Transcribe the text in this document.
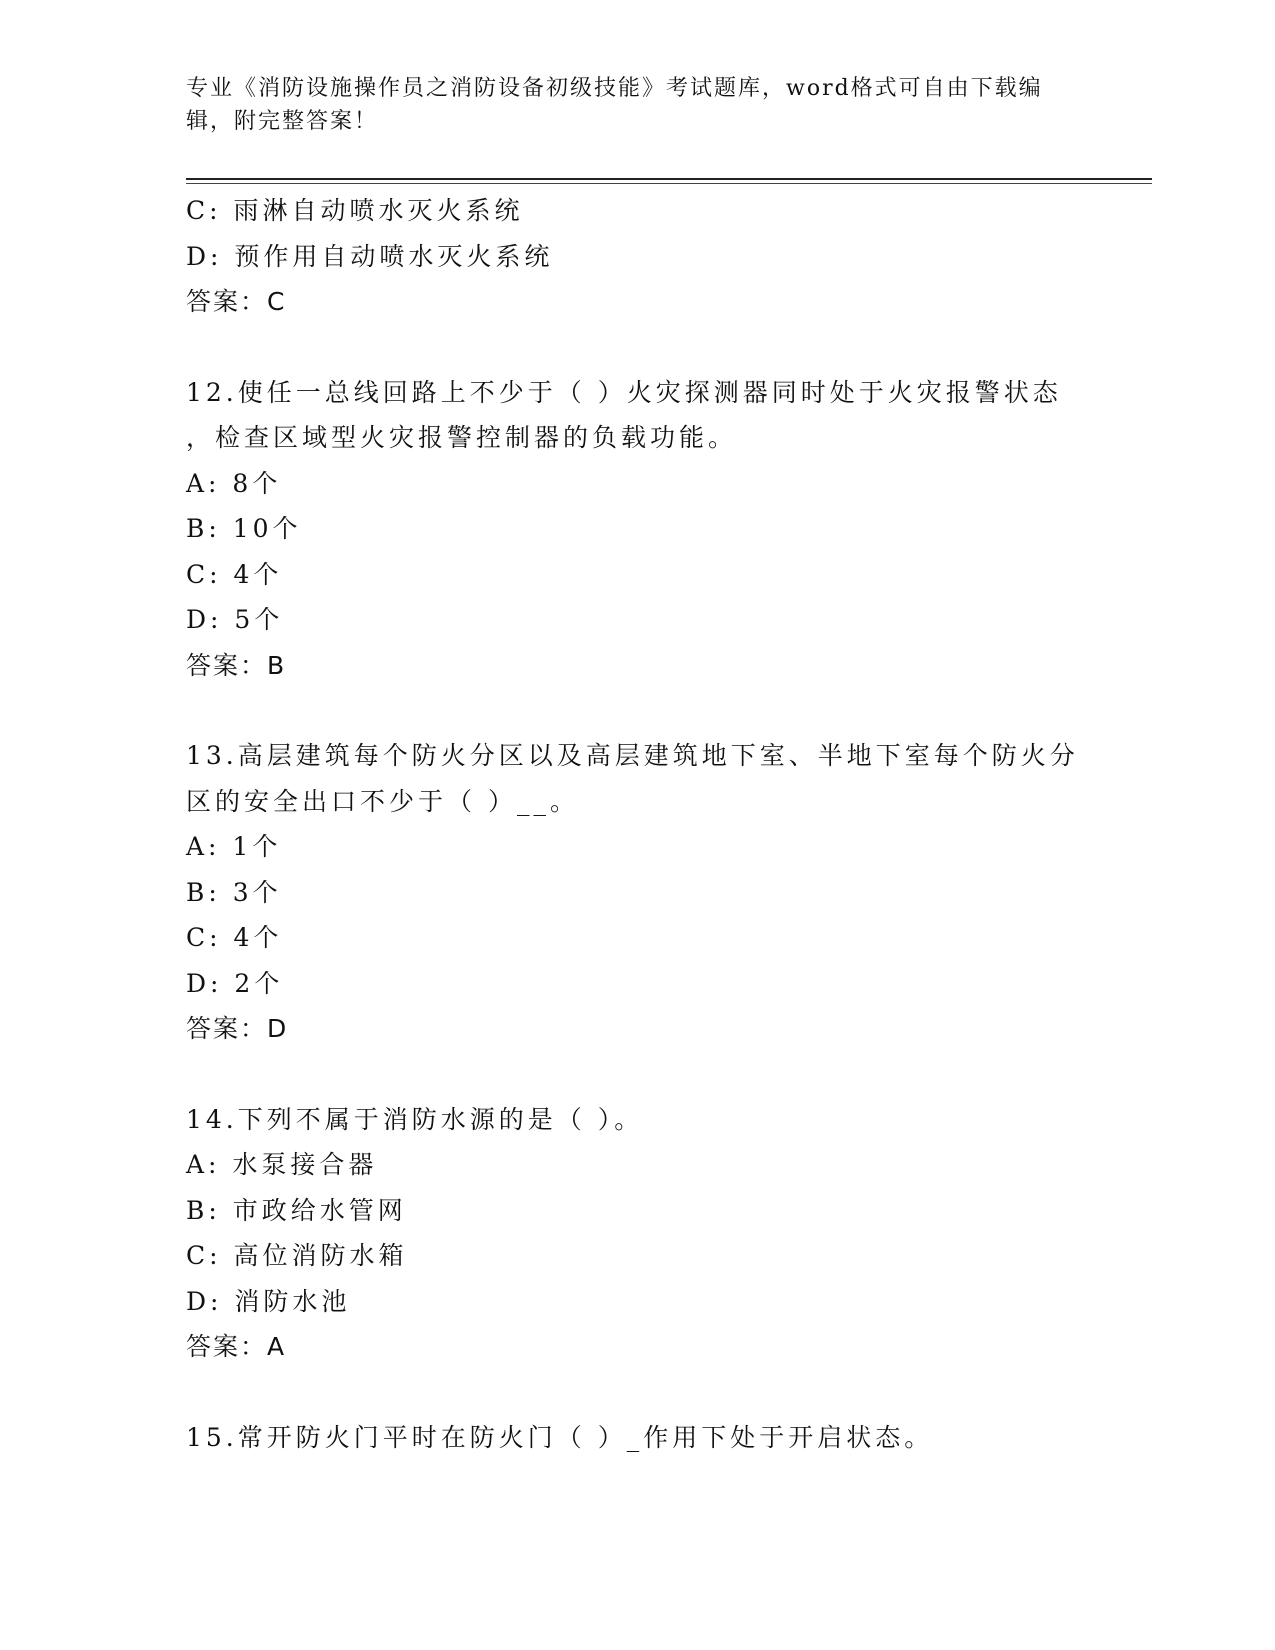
专业《消防设施操作员之消防设备初级技能》考试题库，word格式可自由下载编
辑，附完整答案！
C: 雨淋自动喷水灭火系统
D: 预作用自动喷水灭火系统
答案：C
12.使任一总线回路上不少于（ ）火灾探测器同时处于火灾报警状态
，检查区域型火灾报警控制器的负载功能。
A: 8个
B: 10个
C: 4个
D: 5个
答案：B
13.高层建筑每个防火分区以及高层建筑地下室、半地下室每个防火分
区的安全出口不少于（ ）__。
A: 1个
B: 3个
C: 4个
D: 2个
答案：D
14.下列不属于消防水源的是（ ）。
A: 水泵接合器
B: 市政给水管网
C: 高位消防水箱
D: 消防水池
答案：A
15.常开防火门平时在防火门（ ）_作用下处于开启状态。
